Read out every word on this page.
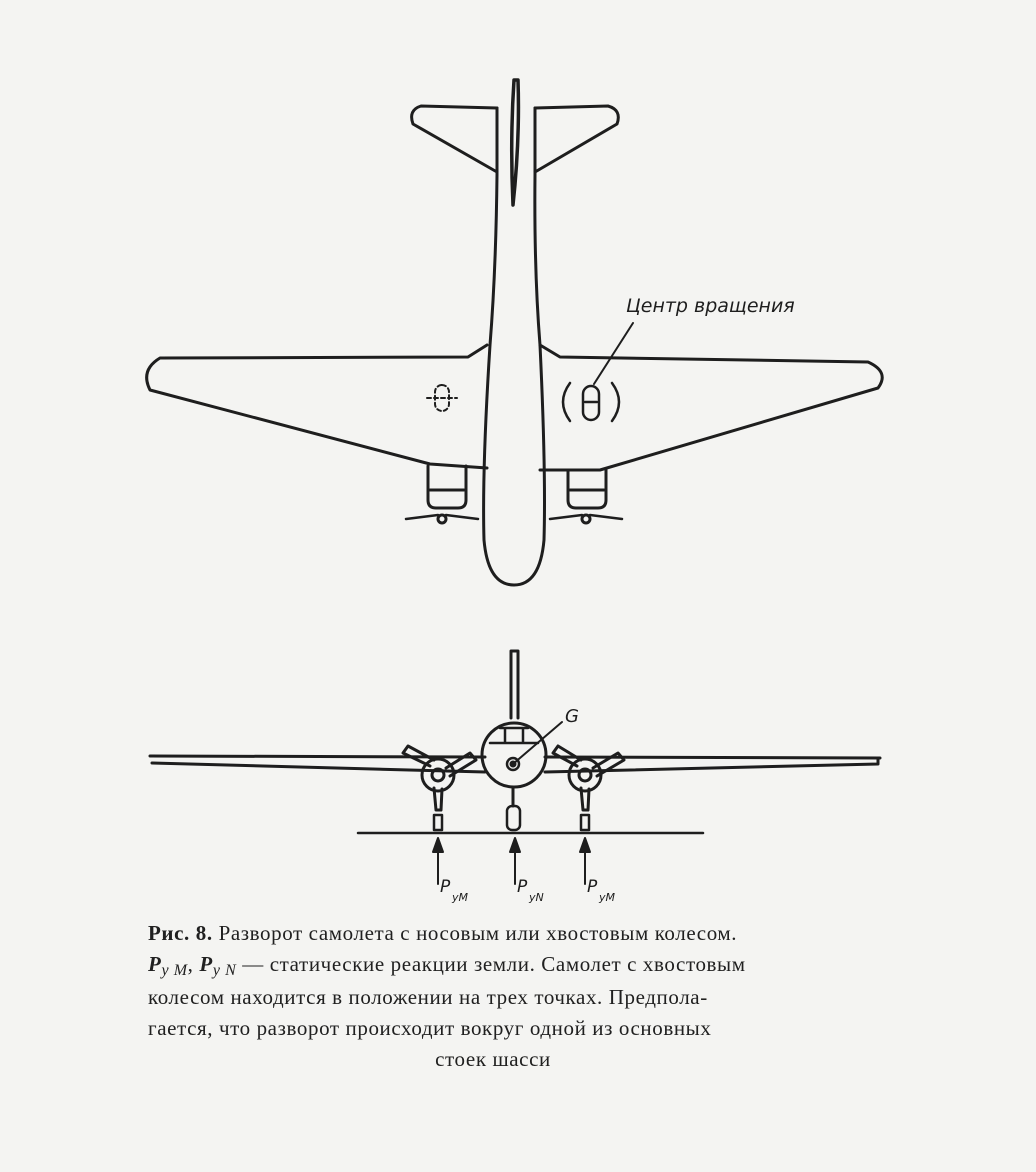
Центр вращения
G
P
yM
P
yN
P
yM
Рис. 8. Разворот самолета с носовым или хвостовым колесом.
Py M, Py N — статические реакции земли. Самолет с хвостовым
колесом находится в положении на трех точках. Предпола-
гается, что разворот происходит вокруг одной из основных
стоек шасси
